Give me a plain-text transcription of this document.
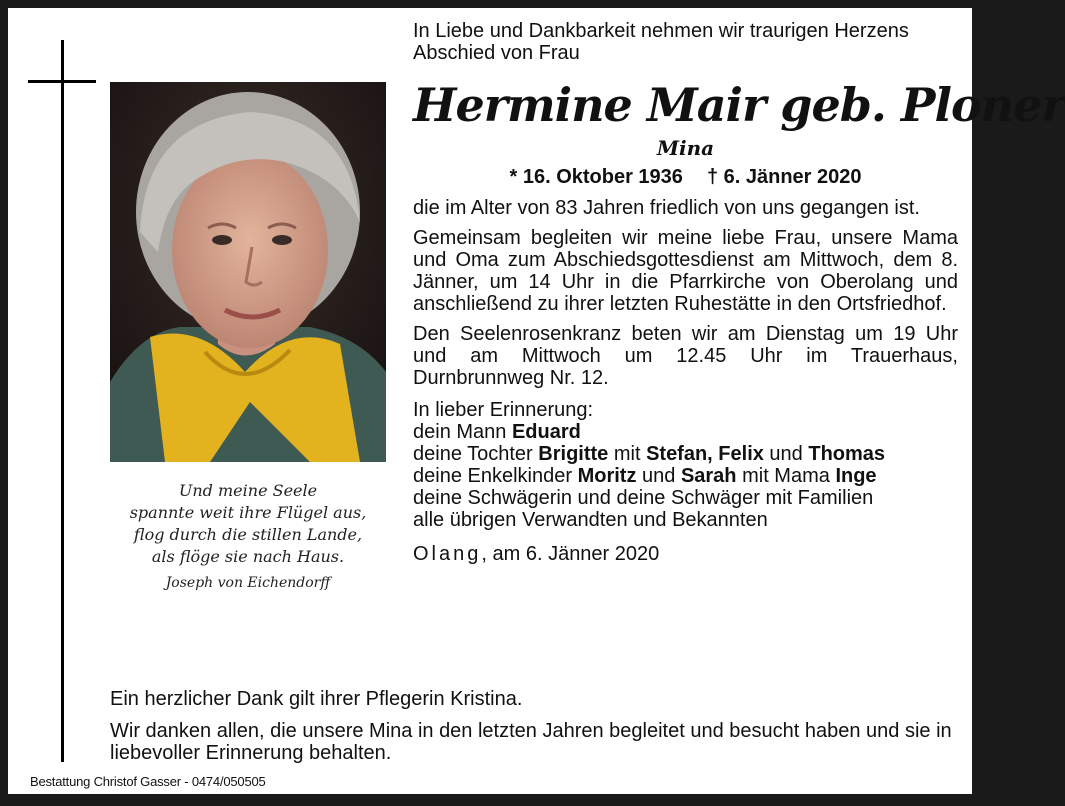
Und meine Seele
spannte weit ihre Flügel aus,
flog durch die stillen Lande,
als flöge sie nach Haus.
Joseph von Eichendorff
In Liebe und Dankbarkeit nehmen wir traurigen Herzens Abschied von Frau
Hermine Mair geb. Ploner
Mina
* 16. Oktober 1936 † 6. Jänner 2020
die im Alter von 83 Jahren friedlich von uns gegangen ist.
Gemeinsam begleiten wir meine liebe Frau, unsere Mama und Oma zum Abschiedsgottesdienst am Mittwoch, dem 8. Jänner, um 14 Uhr in die Pfarrkirche von Oberolang und anschließend zu ihrer letzten Ruhestätte in den Ortsfriedhof.
Den Seelenrosenkranz beten wir am Dienstag um 19 Uhr und am Mittwoch um 12.45 Uhr im Trauerhaus, Durnbrunnweg Nr. 12.
In lieber Erinnerung:
dein Mann Eduard
deine Tochter Brigitte mit Stefan, Felix und Thomas
deine Enkelkinder Moritz und Sarah mit Mama Inge
deine Schwägerin und deine Schwäger mit Familien
alle übrigen Verwandten und Bekannten
Olang, am 6. Jänner 2020

Ein herzlicher Dank gilt ihrer Pflegerin Kristina.

Wir danken allen, die unsere Mina in den letzten Jahren begleitet und besucht haben und sie in liebevoller Erinnerung behalten.

Bestattung Christof Gasser - 0474/050505
